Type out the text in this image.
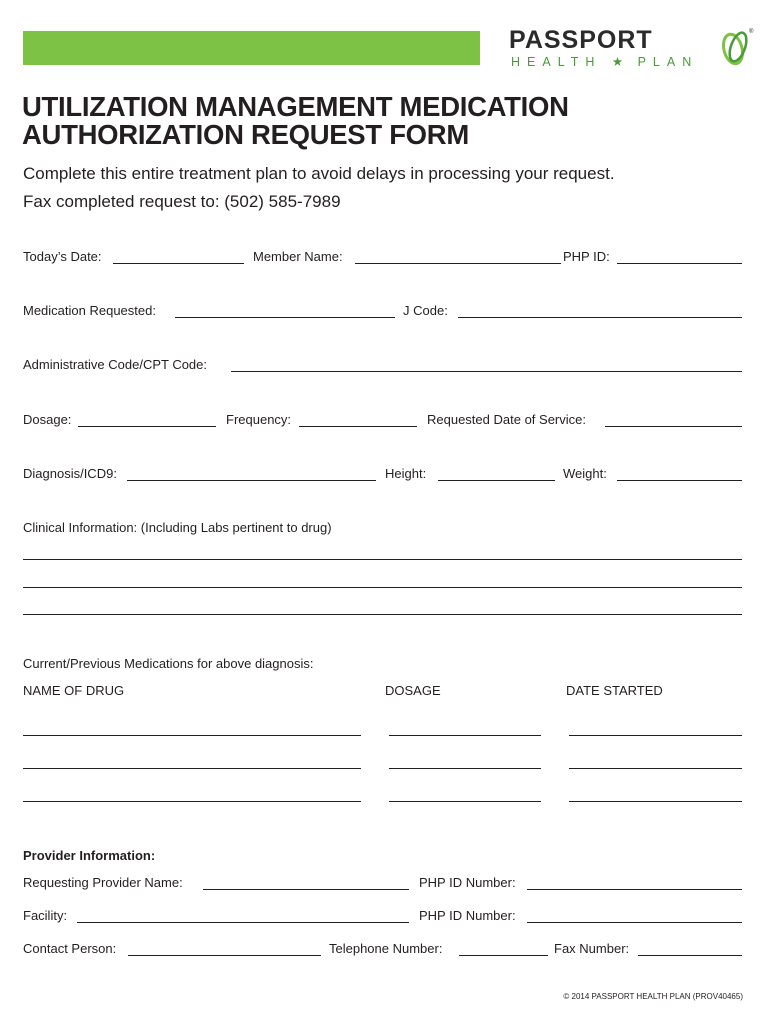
PASSPORT
HEALTH ★ PLAN
®
UTILIZATION MANAGEMENT MEDICATION
AUTHORIZATION REQUEST FORM
Complete this entire treatment plan to avoid delays in processing your request.
Fax completed request to: (502) 585-7989
Today’s Date:	Member Name:	PHP ID:
Medication Requested:	J Code:
Administrative Code/CPT Code:
Dosage:	Frequency:	Requested Date of Service:
Diagnosis/ICD9:	Height:	Weight:
Clinical Information: (Including Labs pertinent to drug)
Current/Previous Medications for above diagnosis:
NAME OF DRUG	DOSAGE	DATE STARTED
Provider Information:
Requesting Provider Name:	PHP ID Number:
Facility:	PHP ID Number:
Contact Person:	Telephone Number:	Fax Number:
© 2014 PASSPORT HEALTH PLAN (PROV40465)
